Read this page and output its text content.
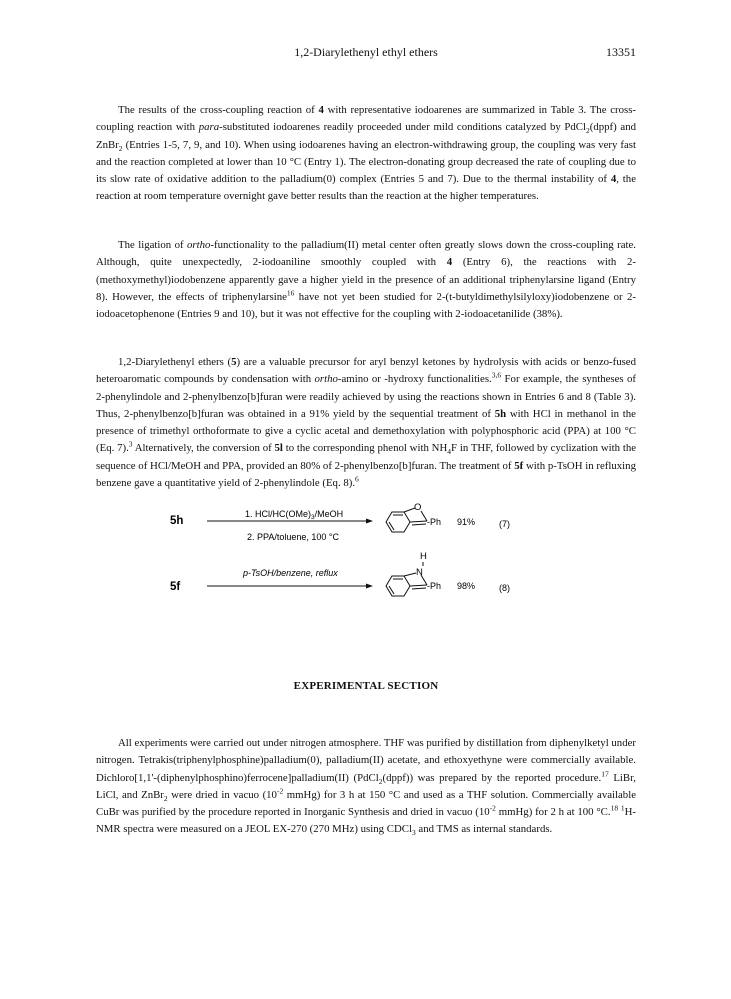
1,2-Diarylethenyl ethyl ethers	13351

The results of the cross-coupling reaction of 4 with representative iodoarenes are summarized in Table 3. The cross-coupling reaction with para-substituted iodoarenes readily proceeded under mild conditions catalyzed by PdCl$_2$(dppf) and ZnBr$_2$ (Entries 1-5, 7, 9, and 10). When using iodoarenes having an electron-withdrawing group, the coupling was very fast and the reaction completed at lower than 10 °C (Entry 1). The electron-donating group decreased the rate of coupling due to its slow rate of oxidative addition to the palladium(0) complex (Entries 5 and 7). Due to the thermal instability of 4, the reaction at room temperature overnight gave better results than the reaction at the higher temperatures.

The ligation of ortho-functionality to the palladium(II) metal center often greatly slows down the cross-coupling rate. Although, quite unexpectedly, 2-iodoaniline smoothly coupled with 4 (Entry 6), the reactions with 2-(methoxymethyl)iodobenzene apparently gave a higher yield in the presence of an additional triphenylarsine ligand (Entry 8). However, the effects of triphenylarsine$^{16}$ have not yet been studied for 2-(t-butyldimethylsilyloxy)iodobenzene or 2-iodoacetophenone (Entries 9 and 10), but it was not effective for the coupling with 2-iodoacetanilide (38%).

1,2-Diarylethenyl ethers (5) are a valuable precursor for aryl benzyl ketones by hydrolysis with acids or benzo-fused heteroaromatic compounds by condensation with ortho-amino or -hydroxy functionalities.$^{3,6}$ For example, the syntheses of 2-phenylindole and 2-phenylbenzo[b]furan were readily achieved by using the reactions shown in Entries 6 and 8 (Table 3). Thus, 2-phenylbenzo[b]furan was obtained in a 91% yield by the sequential treatment of 5h with HCl in methanol in the presence of trimethyl orthoformate to give a cyclic acetal and demethoxylation with polyphosphoric acid (PPA) at 100 °C (Eq. 7).$^3$ Alternatively, the conversion of 5l to the corresponding phenol with $NH_4F$ in THF, followed by cyclization with the sequence of HCl/MeOH and PPA, provided an 80% of 2-phenylbenzo[b]furan. The treatment of 5f with p-TsOH in refluxing benzene gave a quantitative yield of 2-phenylindole (Eq. 8).$^6$

5h
1. HCl/$HC(OMe)_3$/MeOH
2. PPA/toluene, 100 °C
O
-Ph 91%	(7)
5f
p-TsOH/benzene, reflux
H
N
-Ph 98%	(8)
EXPERIMENTAL SECTION

All experiments were carried out under nitrogen atmosphere. THF was purified by distillation from diphenylketyl under nitrogen. Tetrakis(triphenylphosphine)palladium(0), palladium(II) acetate, and ethoxyethyne were commercially available. Dichloro[1,1'-(diphenylphosphino)ferrocene]palladium(II) (PdCl$_2$(dppf)) was prepared by the reported procedure.$^{17}$ LiBr, LiCl, and ZnBr$_2$ were dried in vacuo ($10^{-2}$ mmHg) for 3 h at 150 °C and used as a THF solution. Commercially available CuBr was purified by the procedure reported in Inorganic Synthesis and dried in vacuo ($10^{-2}$ mmHg) for 2 h at 100 °C.$^{18}$ $^1$H-NMR spectra were measured on a JEOL EX-270 (270 MHz) using CDCl$_3$ and TMS as internal standards.
